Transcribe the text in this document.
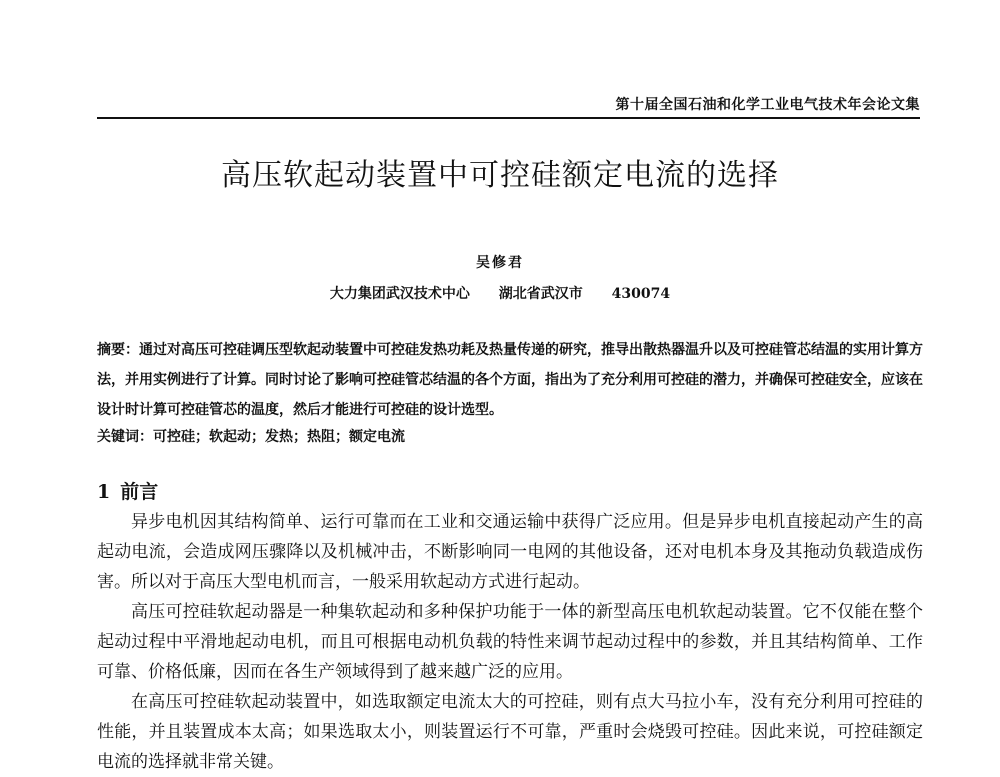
第十届全国石油和化学工业电气技术年会论文集
高压软起动装置中可控硅额定电流的选择
吴修君
大力集团武汉技术中心 湖北省武汉市 430074
摘要：通过对高压可控硅调压型软起动装置中可控硅发热功耗及热量传递的研究，推导出散热器温升以及可控硅管芯结温的实用计算方法，并用实例进行了计算。同时讨论了影响可控硅管芯结温的各个方面，指出为了充分利用可控硅的潜力，并确保可控硅安全，应该在设计时计算可控硅管芯的温度，然后才能进行可控硅的设计选型。
关键词：可控硅；软起动；发热；热阻；额定电流
1 前言

异步电机因其结构简单、运行可靠而在工业和交通运输中获得广泛应用。但是异步电机直接起动产生的高起动电流，会造成网压骤降以及机械冲击，不断影响同一电网的其他设备，还对电机本身及其拖动负载造成伤害。所以对于高压大型电机而言，一般采用软起动方式进行起动。

高压可控硅软起动器是一种集软起动和多种保护功能于一体的新型高压电机软起动装置。它不仅能在整个起动过程中平滑地起动电机，而且可根据电动机负载的特性来调节起动过程中的参数，并且其结构简单、工作可靠、价格低廉，因而在各生产领域得到了越来越广泛的应用。

在高压可控硅软起动装置中，如选取额定电流太大的可控硅，则有点大马拉小车，没有充分利用可控硅的性能，并且装置成本太高；如果选取太小，则装置运行不可靠，严重时会烧毁可控硅。因此来说，可控硅额定电流的选择就非常关键。
